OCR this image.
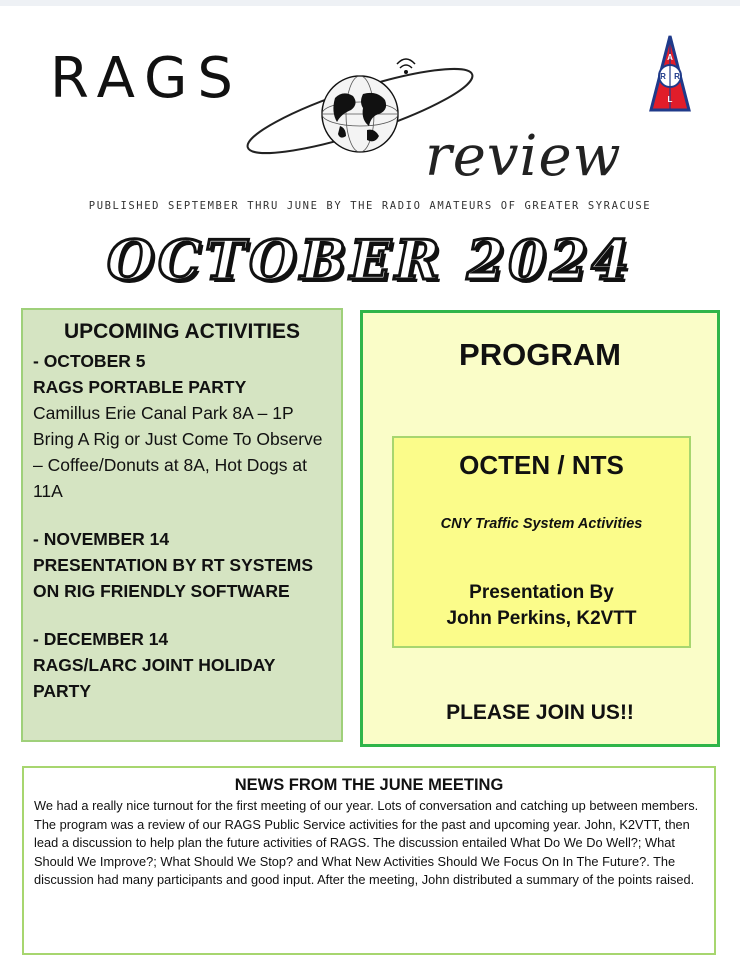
RAGS
review
A
R R
L
PUBLISHED SEPTEMBER THRU JUNE BY THE RADIO AMATEURS OF GREATER SYRACUSE
OCTOBER 2024
UPCOMING ACTIVITIES
- OCTOBER 5
RAGS PORTABLE PARTY
Camillus Erie Canal Park 8A – 1P Bring A Rig or Just Come To Observe – Coffee/Donuts at 8A, Hot Dogs at 11A
- NOVEMBER 14
PRESENTATION BY RT SYSTEMS ON RIG FRIENDLY SOFTWARE
- DECEMBER 14
RAGS/LARC JOINT HOLIDAY PARTY
PROGRAM
OCTEN / NTS
CNY Traffic System Activities
Presentation By
John Perkins, K2VTT
PLEASE JOIN US!!
NEWS FROM THE JUNE MEETING

We had a really nice turnout for the first meeting of our year. Lots of conversation and catching up between members. The program was a review of our RAGS Public Service activities for the past and upcoming year. John, K2VTT, then lead a discussion to help plan the future activities of RAGS. The discussion entailed What Do We Do Well?; What Should We Improve?; What Should We Stop? and What New Activities Should We Focus On In The Future?. The discussion had many participants and good input. After the meeting, John distributed a summary of the points raised.
